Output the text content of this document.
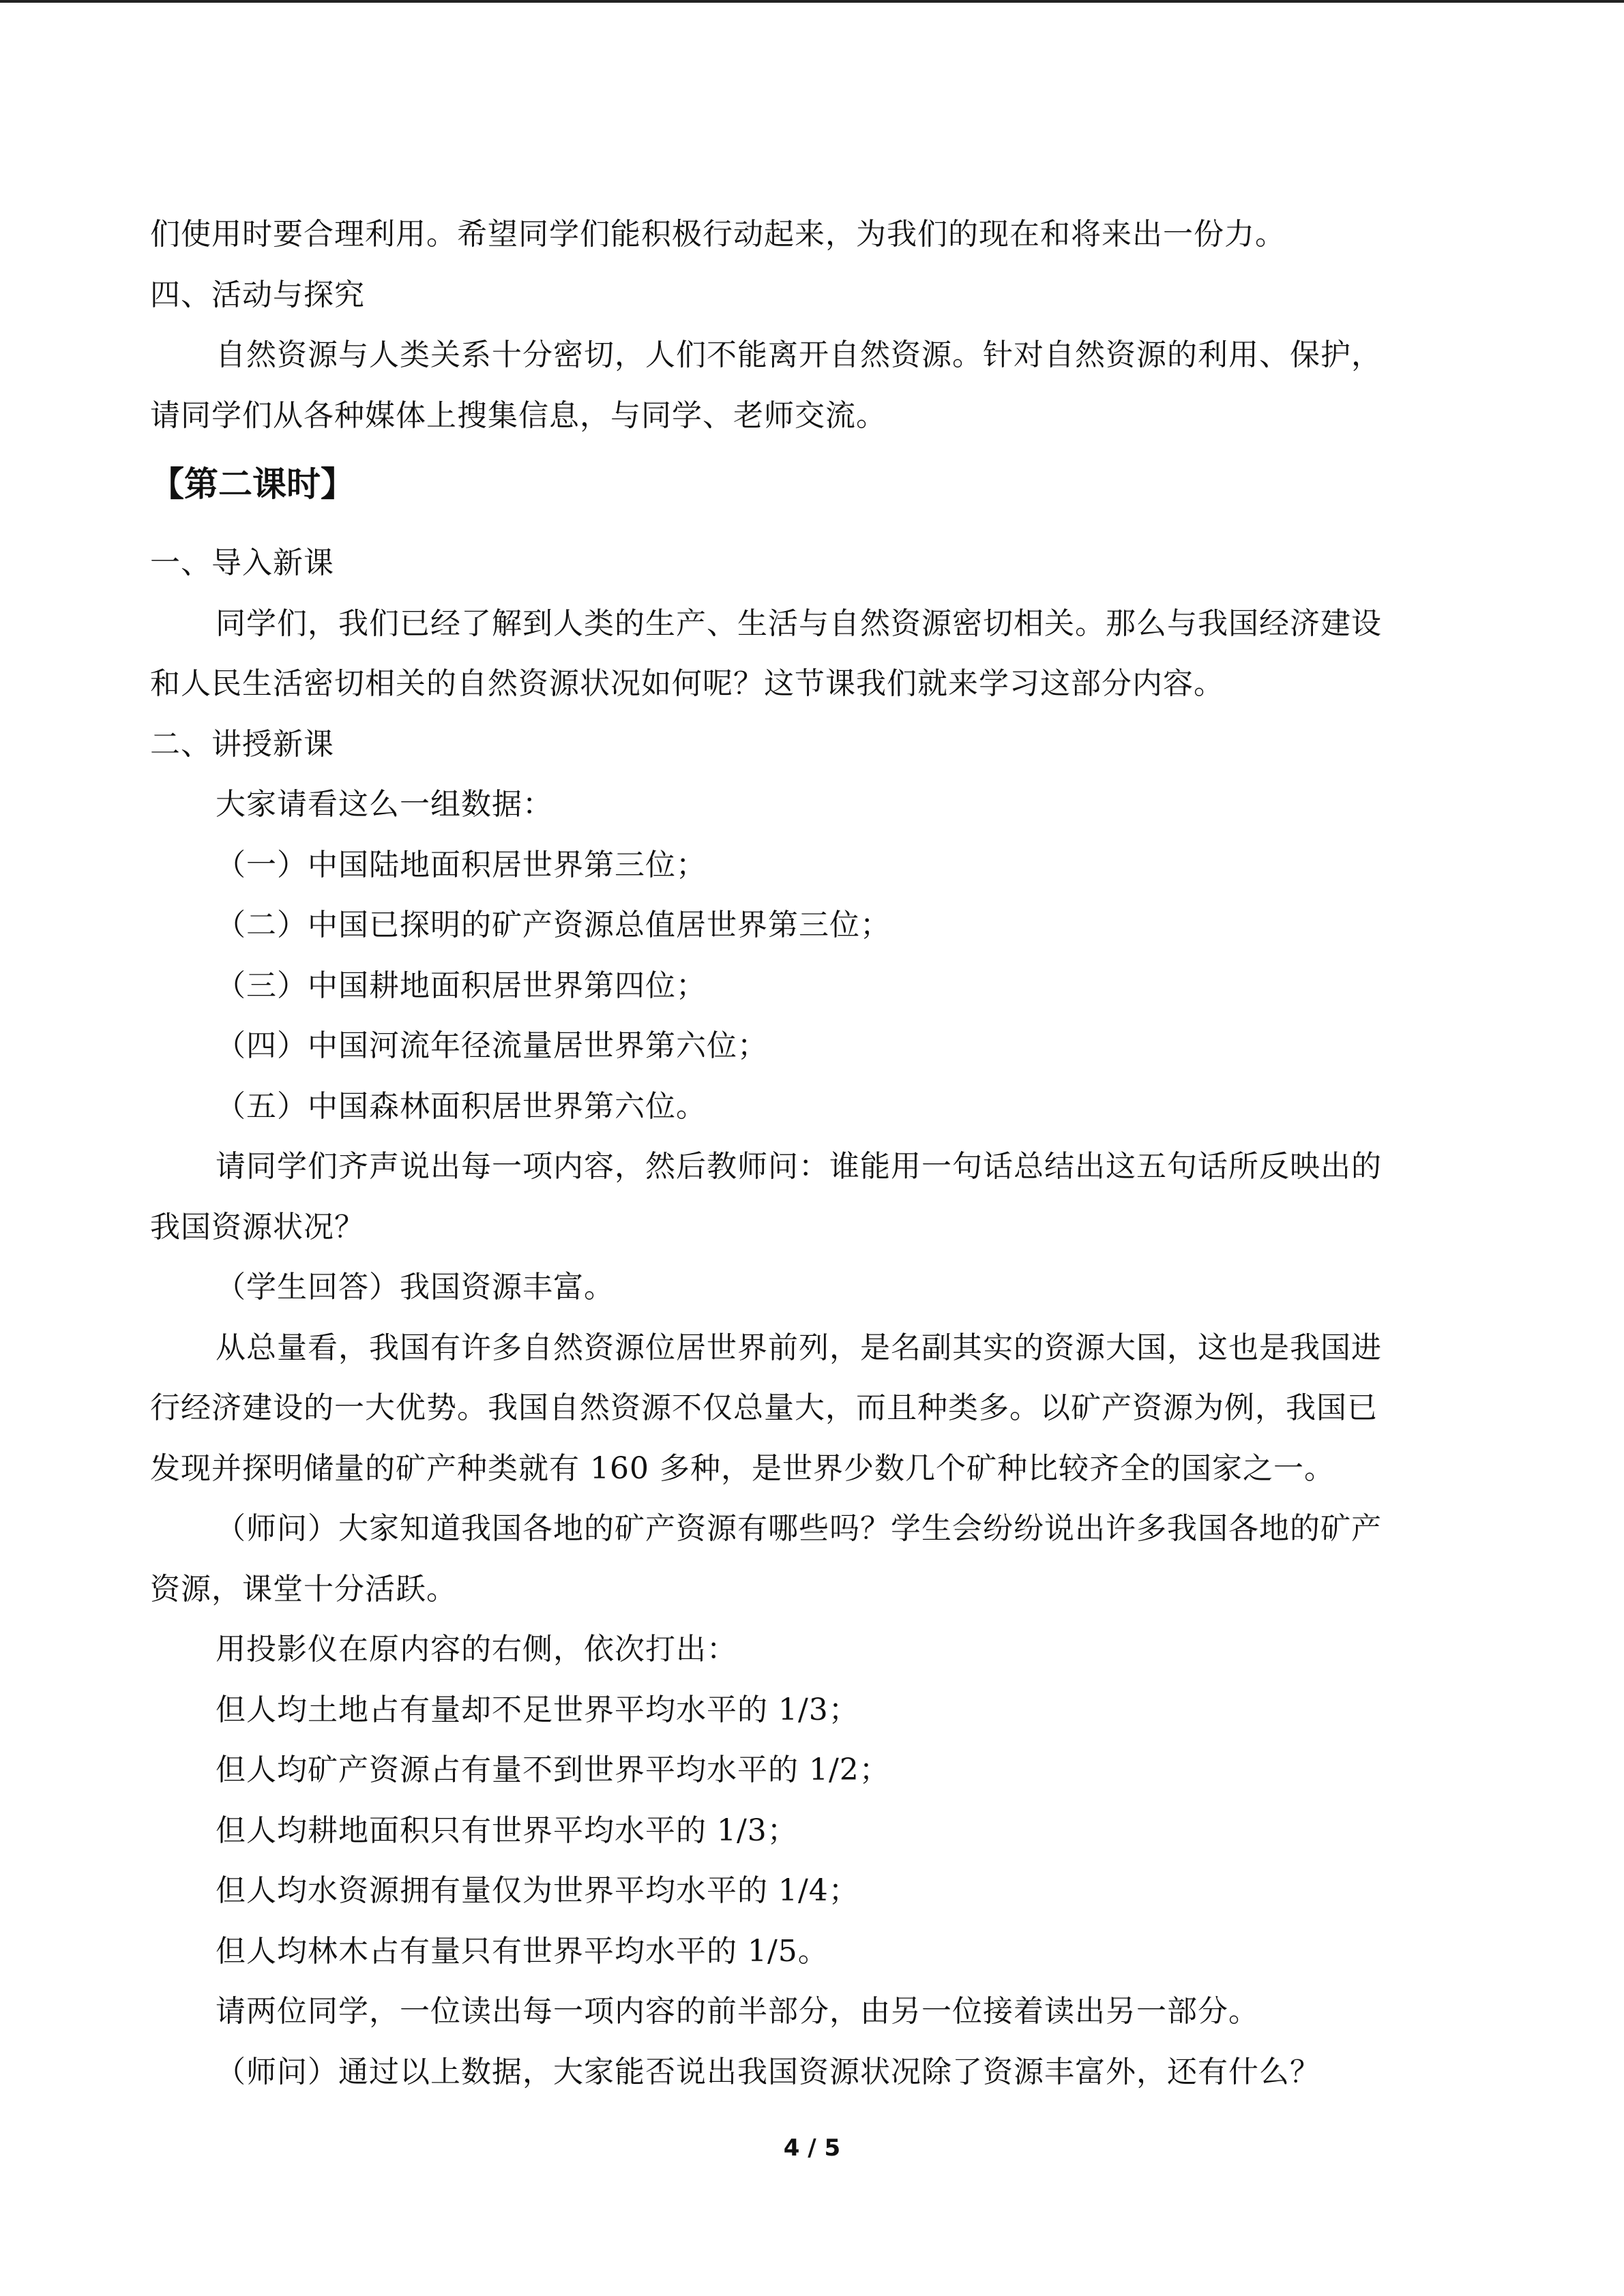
们使用时要合理利用。希望同学们能积极行动起来，为我们的现在和将来出一份力。
四、活动与探究
自然资源与人类关系十分密切，人们不能离开自然资源。针对自然资源的利用、保护，
请同学们从各种媒体上搜集信息，与同学、老师交流。
【第二课时】
一、导入新课
同学们，我们已经了解到人类的生产、生活与自然资源密切相关。那么与我国经济建设
和人民生活密切相关的自然资源状况如何呢？这节课我们就来学习这部分内容。
二、讲授新课
大家请看这么一组数据：
（一）中国陆地面积居世界第三位；
（二）中国已探明的矿产资源总值居世界第三位；
（三）中国耕地面积居世界第四位；
（四）中国河流年径流量居世界第六位；
（五）中国森林面积居世界第六位。
请同学们齐声说出每一项内容，然后教师问：谁能用一句话总结出这五句话所反映出的
我国资源状况？
（学生回答）我国资源丰富。
从总量看，我国有许多自然资源位居世界前列，是名副其实的资源大国，这也是我国进
行经济建设的一大优势。我国自然资源不仅总量大，而且种类多。以矿产资源为例，我国已
发现并探明储量的矿产种类就有 160 多种，是世界少数几个矿种比较齐全的国家之一。
（师问）大家知道我国各地的矿产资源有哪些吗？学生会纷纷说出许多我国各地的矿产
资源，课堂十分活跃。
用投影仪在原内容的右侧，依次打出：
但人均土地占有量却不足世界平均水平的 1/3；
但人均矿产资源占有量不到世界平均水平的 1/2；
但人均耕地面积只有世界平均水平的 1/3；
但人均水资源拥有量仅为世界平均水平的 1/4；
但人均林木占有量只有世界平均水平的 1/5。
请两位同学，一位读出每一项内容的前半部分，由另一位接着读出另一部分。
（师问）通过以上数据，大家能否说出我国资源状况除了资源丰富外，还有什么？
4 / 5
